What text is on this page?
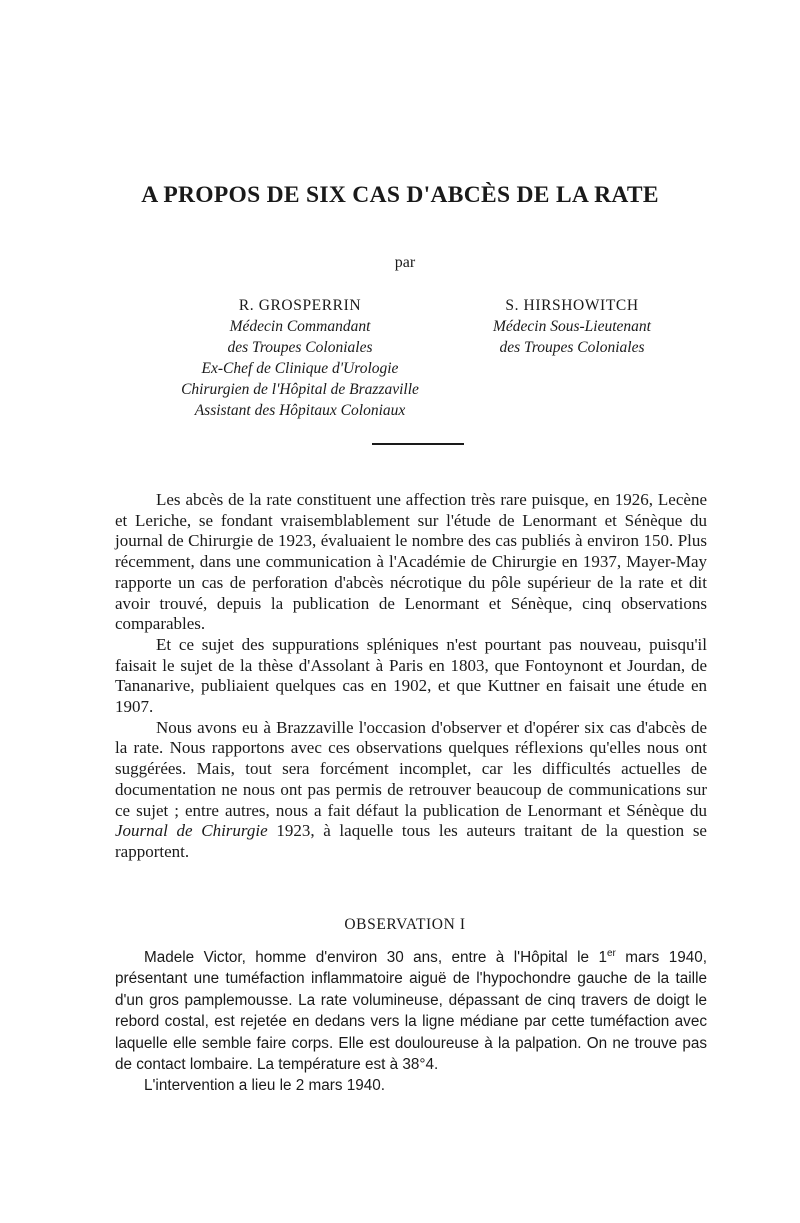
A PROPOS DE SIX CAS D'ABCÈS DE LA RATE
par
R. GROSPERRIN
Médecin Commandant
des Troupes Coloniales
Ex-Chef de Clinique d'Urologie
Chirurgien de l'Hôpital de Brazzaville
Assistant des Hôpitaux Coloniaux
S. HIRSHOWITCH
Médecin Sous-Lieutenant
des Troupes Coloniales

Les abcès de la rate constituent une affection très rare puisque, en 1926, Lecène et Leriche, se fondant vraisemblablement sur l'étude de Lenormant et Sénèque du journal de Chirurgie de 1923, évaluaient le nombre des cas publiés à environ 150. Plus récemment, dans une communication à l'Académie de Chirurgie en 1937, Mayer-May rapporte un cas de perforation d'abcès nécrotique du pôle supérieur de la rate et dit avoir trouvé, depuis la publication de Lenormant et Sénèque, cinq observations comparables.

Et ce sujet des suppurations spléniques n'est pourtant pas nouveau, puisqu'il faisait le sujet de la thèse d'Assolant à Paris en 1803, que Fontoynont et Jourdan, de Tananarive, publiaient quelques cas en 1902, et que Kuttner en faisait une étude en 1907.

Nous avons eu à Brazzaville l'occasion d'observer et d'opérer six cas d'abcès de la rate. Nous rapportons avec ces observations quelques réflexions qu'elles nous ont suggérées. Mais, tout sera forcément incomplet, car les difficultés actuelles de documentation ne nous ont pas permis de retrouver beaucoup de communications sur ce sujet ; entre autres, nous a fait défaut la publication de Lenormant et Sénèque du Journal de Chirurgie 1923, à laquelle tous les auteurs traitant de la question se rapportent.

OBSERVATION I

Madele Victor, homme d'environ 30 ans, entre à l'Hôpital le 1er mars 1940, présentant une tuméfaction inflammatoire aiguë de l'hypochondre gauche de la taille d'un gros pamplemousse. La rate volumineuse, dépassant de cinq travers de doigt le rebord costal, est rejetée en dedans vers la ligne médiane par cette tuméfaction avec laquelle elle semble faire corps. Elle est douloureuse à la palpation. On ne trouve pas de contact lombaire. La température est à 38°4.

L'intervention a lieu le 2 mars 1940.
